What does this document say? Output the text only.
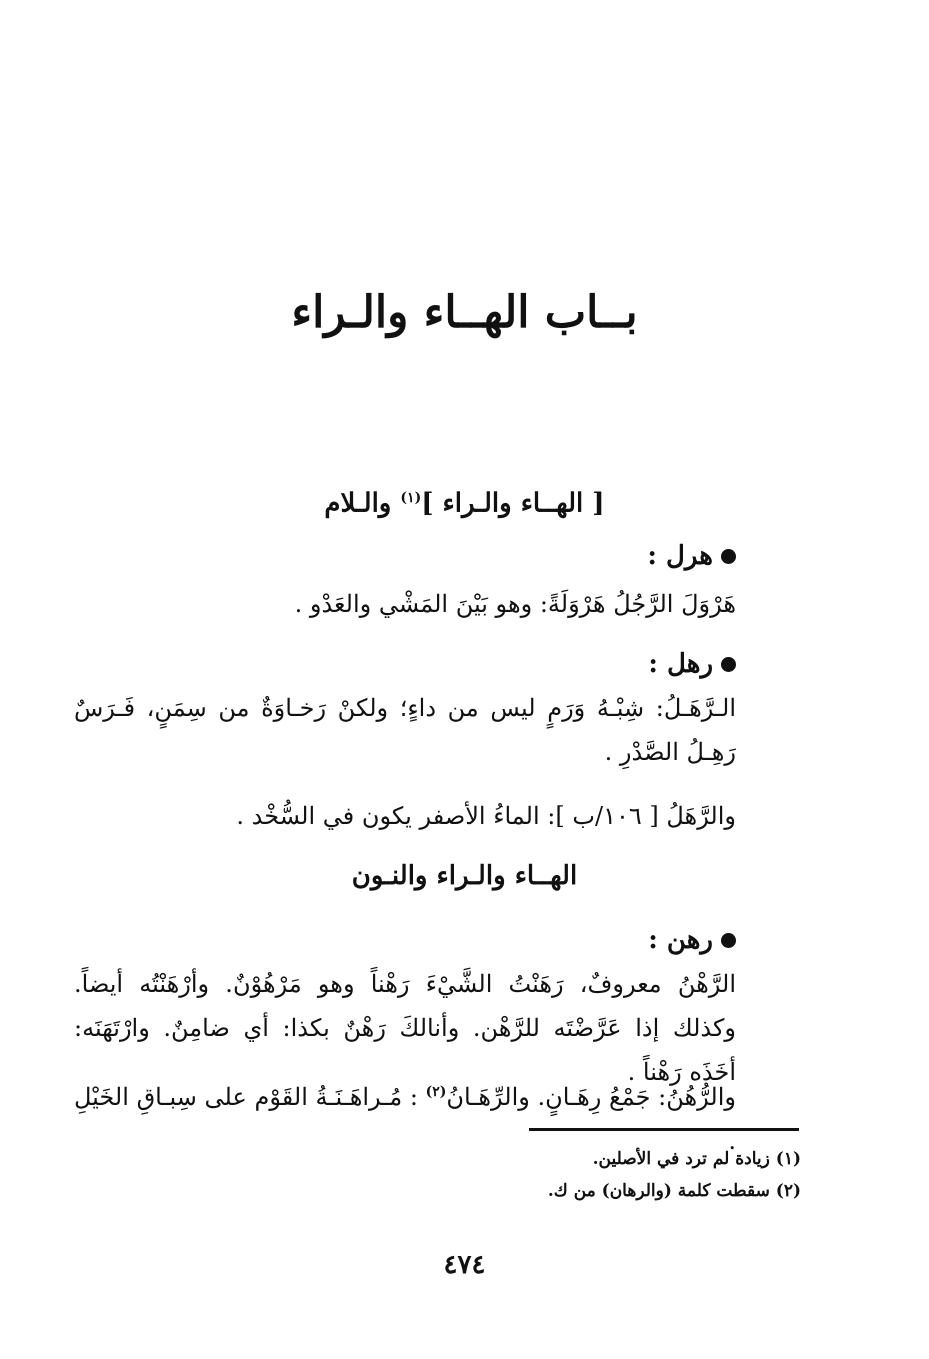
بــاب الهــاء والـراء
[ الهــاء والـراء ]$^{(١)}$ والـلام
هرل :
هَرْوَلَ الرَّجُلُ هَرْوَلَةً: وهو بَيْنَ المَشْي والعَدْو .
رهل :
الـرَّهَـلُ: شِبْـهُ وَرَمٍ ليس من داءٍ؛ ولكنْ رَخـاوَةٌ من سِمَنٍ، فَـرَسٌ رَهِـلُ الصَّدْرِ .
والرَّهَلُ [ ١٠٦/ب ]: الماءُ الأصفر يكون في السُّخْد .
الهــاء والـراء والنـون
رهن :
الرَّهْنُ معروفٌ، رَهَنْتُ الشَّيْءَ رَهْناً وهو مَرْهُوْنٌ. وأرْهَنْتُه أيضاً. وكذلك إذا عَرَّضْتَه للرَّهْن. وأنالكَ رَهْنٌ بكذا: أي ضامِنٌ. وارْتَهَنَه: أخَذَه رَهْناً .
والرُّهُنُ: جَمْعُ رِهَـانٍ. والرِّهَـانُ$^{(٢)}$ : مُـراهَـنَـةُ القَوْم على سِبـاقِ الخَيْلِ .
(١) زيادة لم ترد في الأصلين.
(٢) سقطت كلمة (والرهان) من ك.
٤٧٤
